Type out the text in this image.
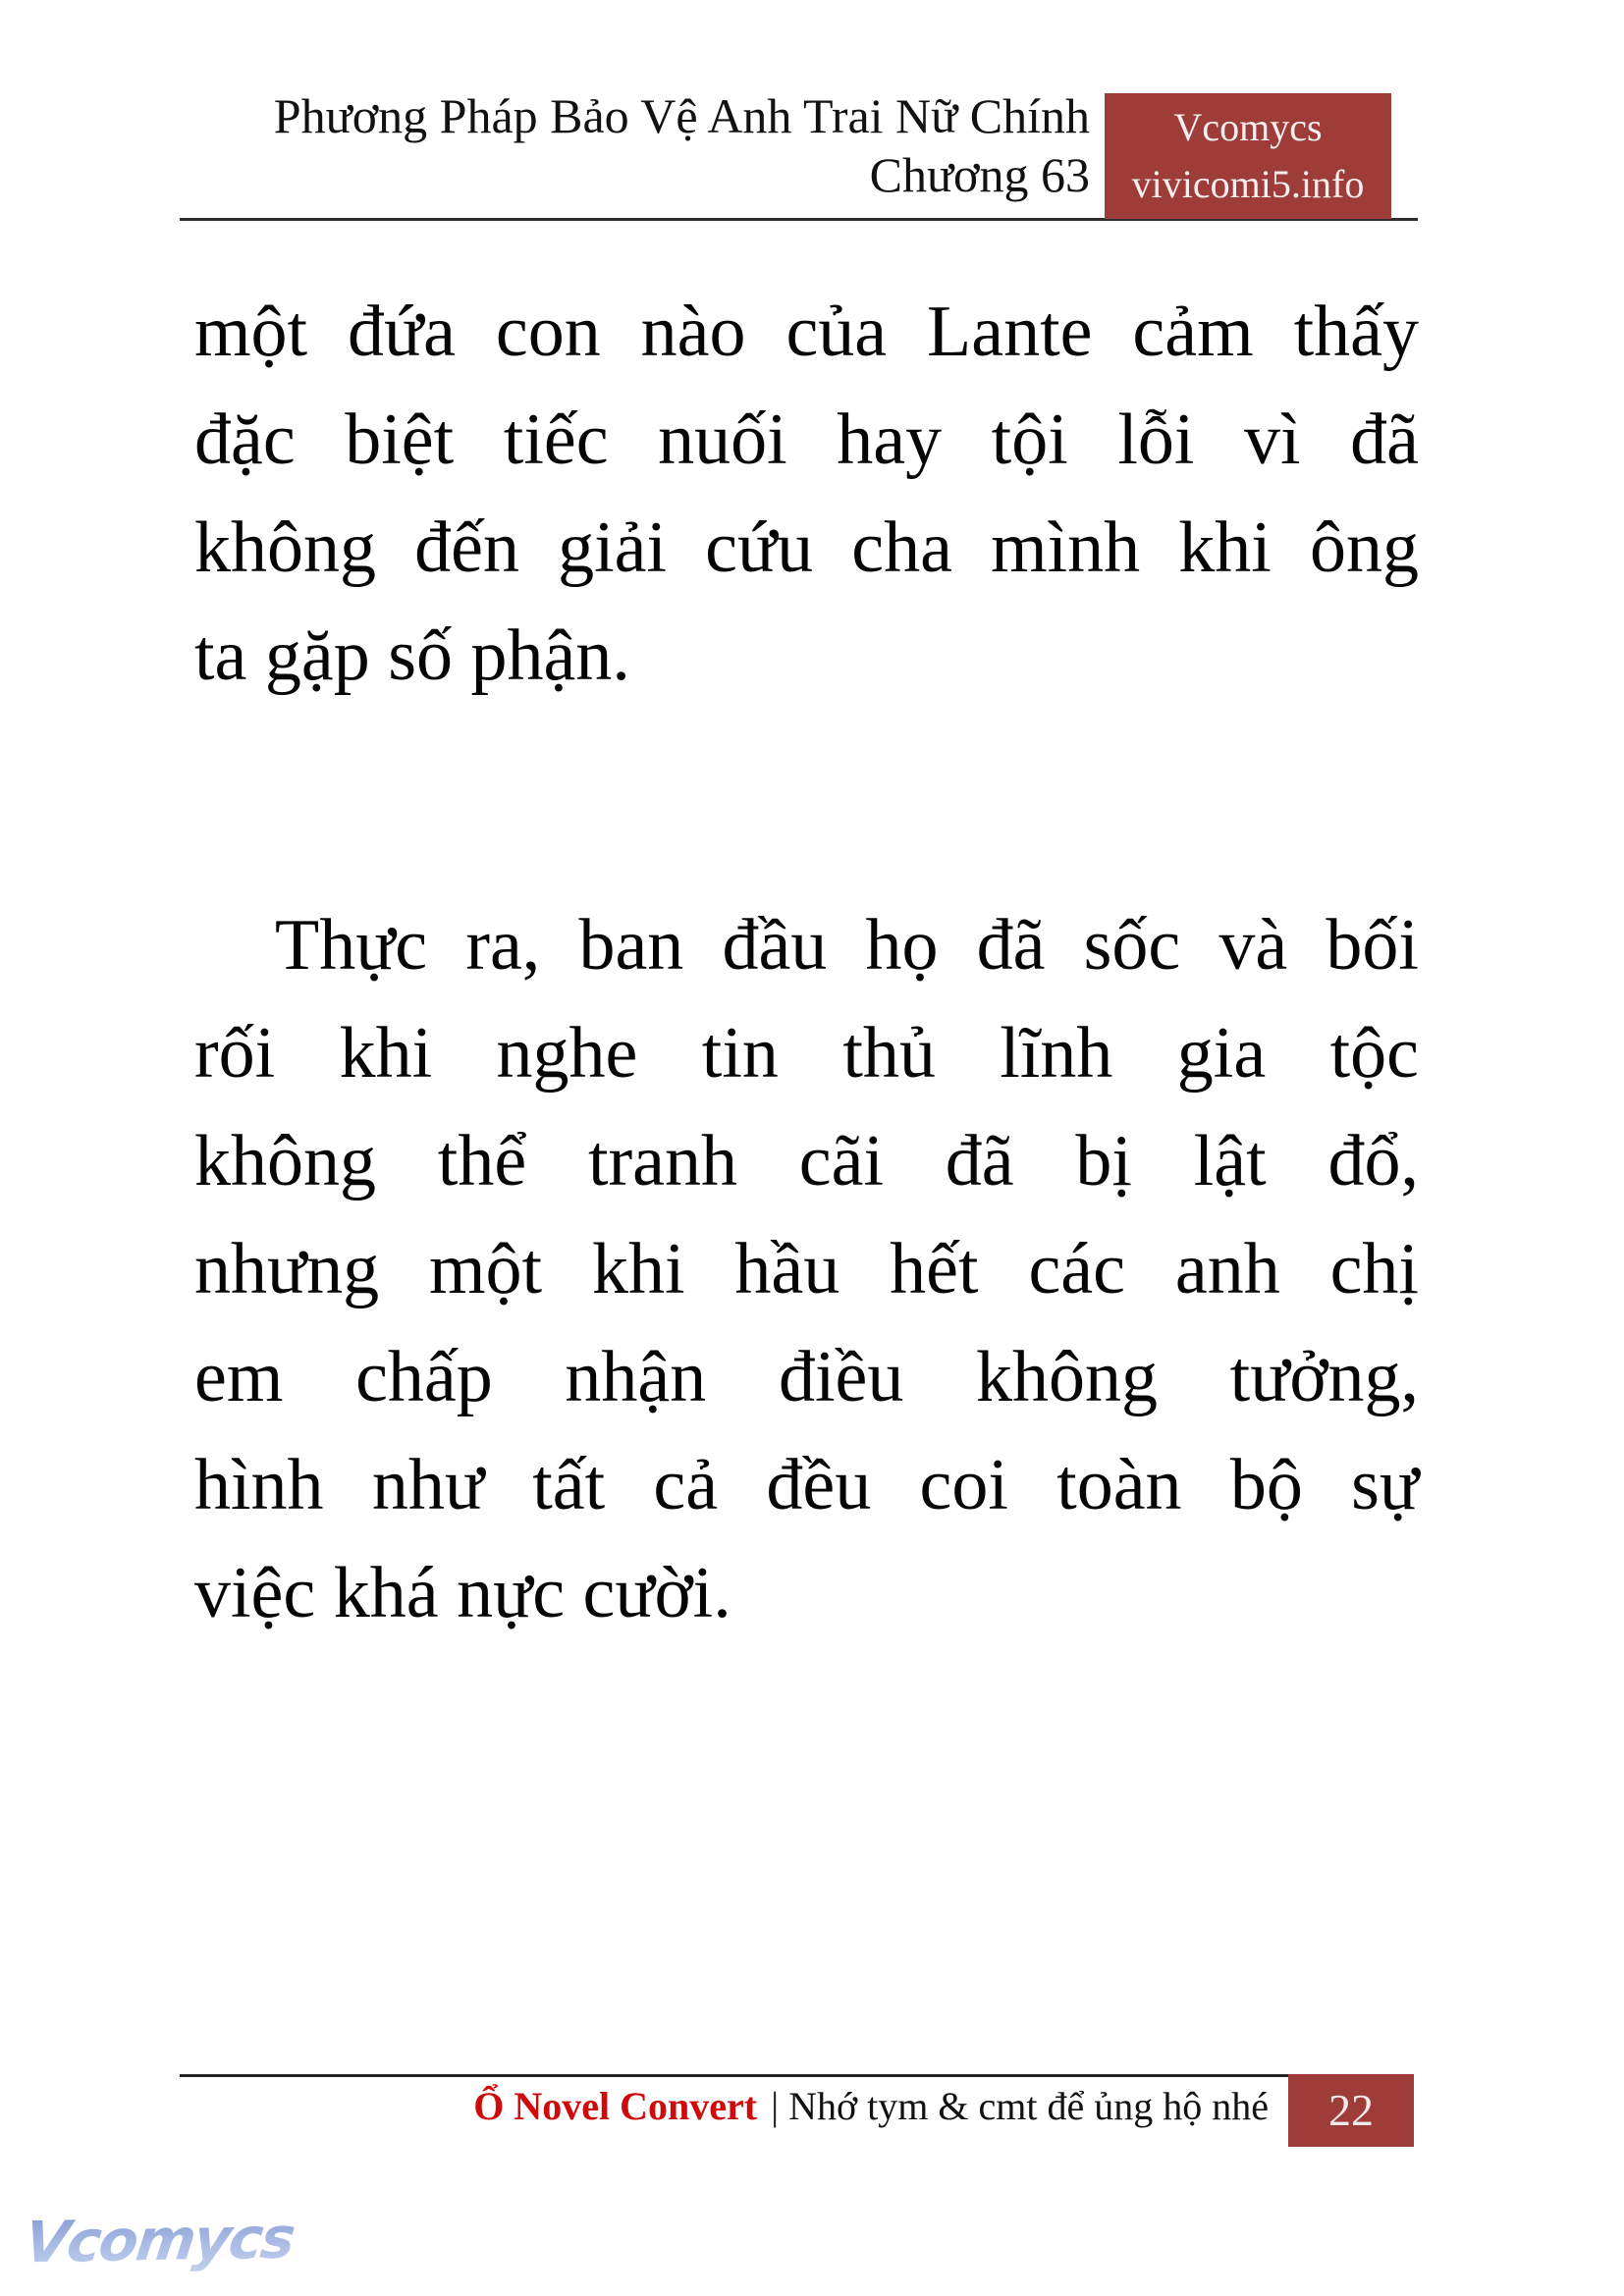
Phương Pháp Bảo Vệ Anh Trai Nữ Chính
Chương 63
Vcomycs
vivicomi5.info
một đứa con nào của Lante cảm thấy
đặc biệt tiếc nuối hay tội lỗi vì đã
không đến giải cứu cha mình khi ông
ta gặp số phận.
Thực ra, ban đầu họ đã sốc và bối
rối khi nghe tin thủ lĩnh gia tộc
không thể tranh cãi đã bị lật đổ,
nhưng một khi hầu hết các anh chị
em chấp nhận điều không tưởng,
hình như tất cả đều coi toàn bộ sự
việc khá nực cười.
Ổ Novel Convert | Nhớ tym & cmt để ủng hộ nhé	22
Vcomycs
